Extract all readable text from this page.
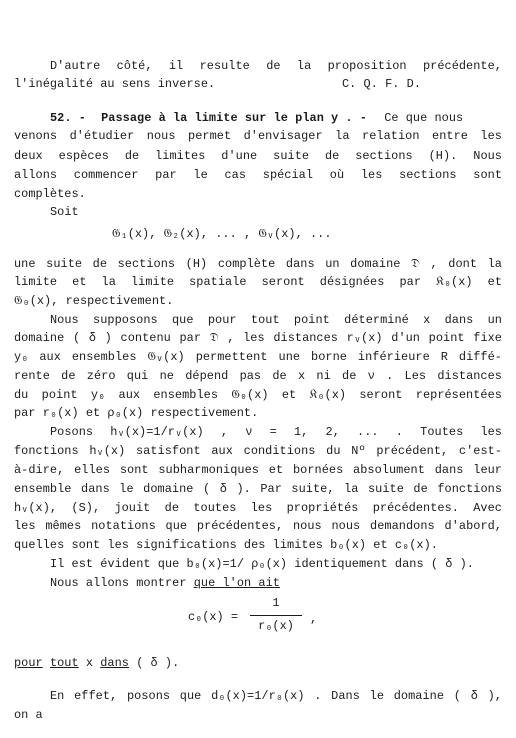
D'autre côté, il resulte de la proposition précédente,
l'inégalité au sens inverse.	C. Q. F. D.
52. - Passage à la limite sur le plan y . - Ce que nous
venons d'étudier nous permet d'envisager la relation entre les
deux espèces de limites d'une suite de sections (H). Nous
allons commencer par le cas spécial où les sections sont
complètes.
Soit
𝔊₁(x), 𝔊₂(x), ... , 𝔊ᵥ(x), ...
une suite de sections (H) complète dans un domaine 𝔇 , dont la
limite et la limite spatiale seront désignées par 𝔎₀(x) et
𝔊₀(x), respectivement.
Nous supposons que pour tout point déterminé x dans un
domaine ( δ ) contenu par 𝔇 , les distances rᵥ(x) d'un point fixe
y₀ aux ensembles 𝔊ᵥ(x) permettent une borne inférieure R diffé-
rente de zéro qui ne dépend pas de x ni de ν . Les distances
du point y₀ aux ensembles 𝔊₀(x) et 𝔎₀(x) seront représentées
par r₀(x) et ρ₀(x) respectivement.
Posons hᵥ(x)=1/rᵥ(x) , ν = 1, 2, ... . Toutes les
fonctions hᵥ(x) satisfont aux conditions du Nº précédent, c'est-
à-dire, elles sont subharmoniques et bornées absolument dans leur
ensemble dans le domaine ( δ ). Par suite, la suite de fonctions
hᵥ(x), (S), jouit de toutes les propriétés précédentes. Avec
les mêmes notations que précédentes, nous nous demandons d'abord,
quelles sont les significations des limites b₀(x) et c₀(x).
Il est évident que b₀(x)=1/ ρ₀(x) identiquement dans ( δ ).
Nous allons montrer que l'on ait
c₀(x) =
1
r₀(x)	,
pour tout x dans ( δ ).
En effet, posons que d₀(x)=1/r₀(x) . Dans le domaine ( δ ),
on a
